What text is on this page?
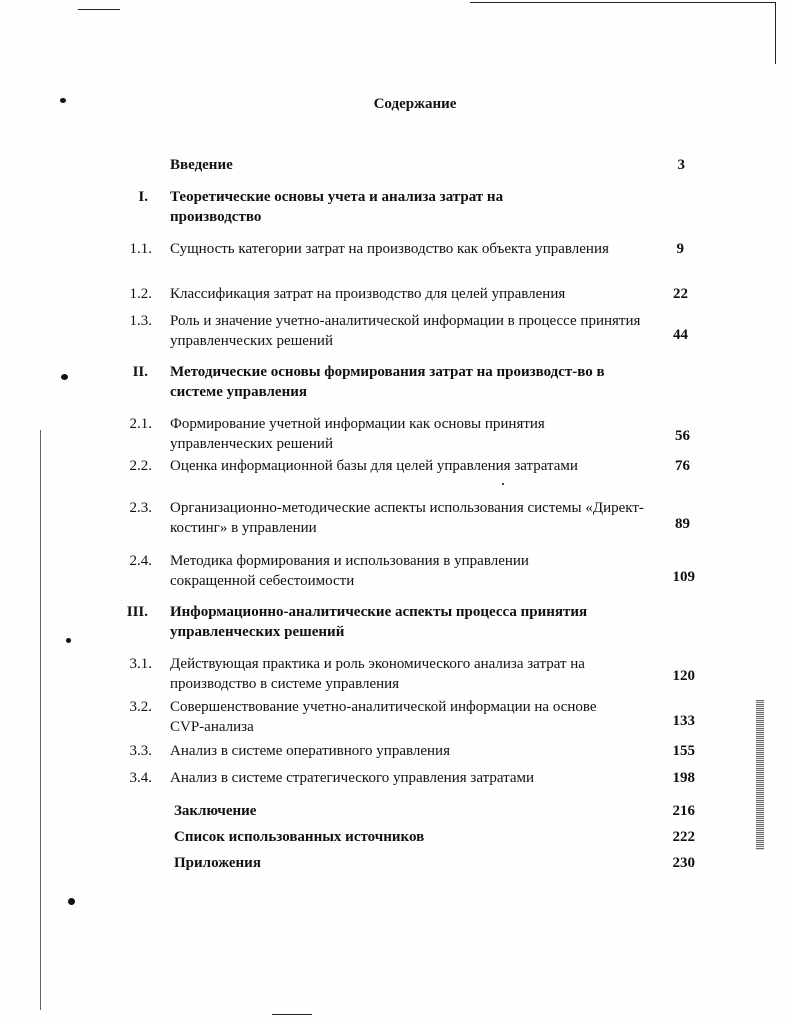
Содержание
Введение	3
I. Теоретические основы учета и анализа затрат на производство
1.1. Сущность категории затрат на производство как объекта управления	9
1.2. Классификация затрат на производство для целей управления	22
1.3. Роль и значение учетно-аналитической информации в процессе принятия управленческих решений	44
II. Методические основы формирования затрат на производст-во в системе управления
2.1. Формирование учетной информации как основы принятия управленческих решений	56
2.2. Оценка информационной базы для целей управления затратами	76
2.3. Организационно-методические аспекты использования системы «Директ-костинг» в управлении	89
2.4. Методика формирования и использования в управлении сокращенной себестоимости	109
III. Информационно-аналитические аспекты процесса принятия управленческих решений
3.1. Действующая практика и роль экономического анализа затрат на производство в системе управления	120
3.2. Совершенствование учетно-аналитической информации на основе CVP-анализа	133
3.3. Анализ в системе оперативного управления	155
3.4. Анализ в системе стратегического управления затратами	198
Заключение	216
Список использованных источников	222
Приложения	230
